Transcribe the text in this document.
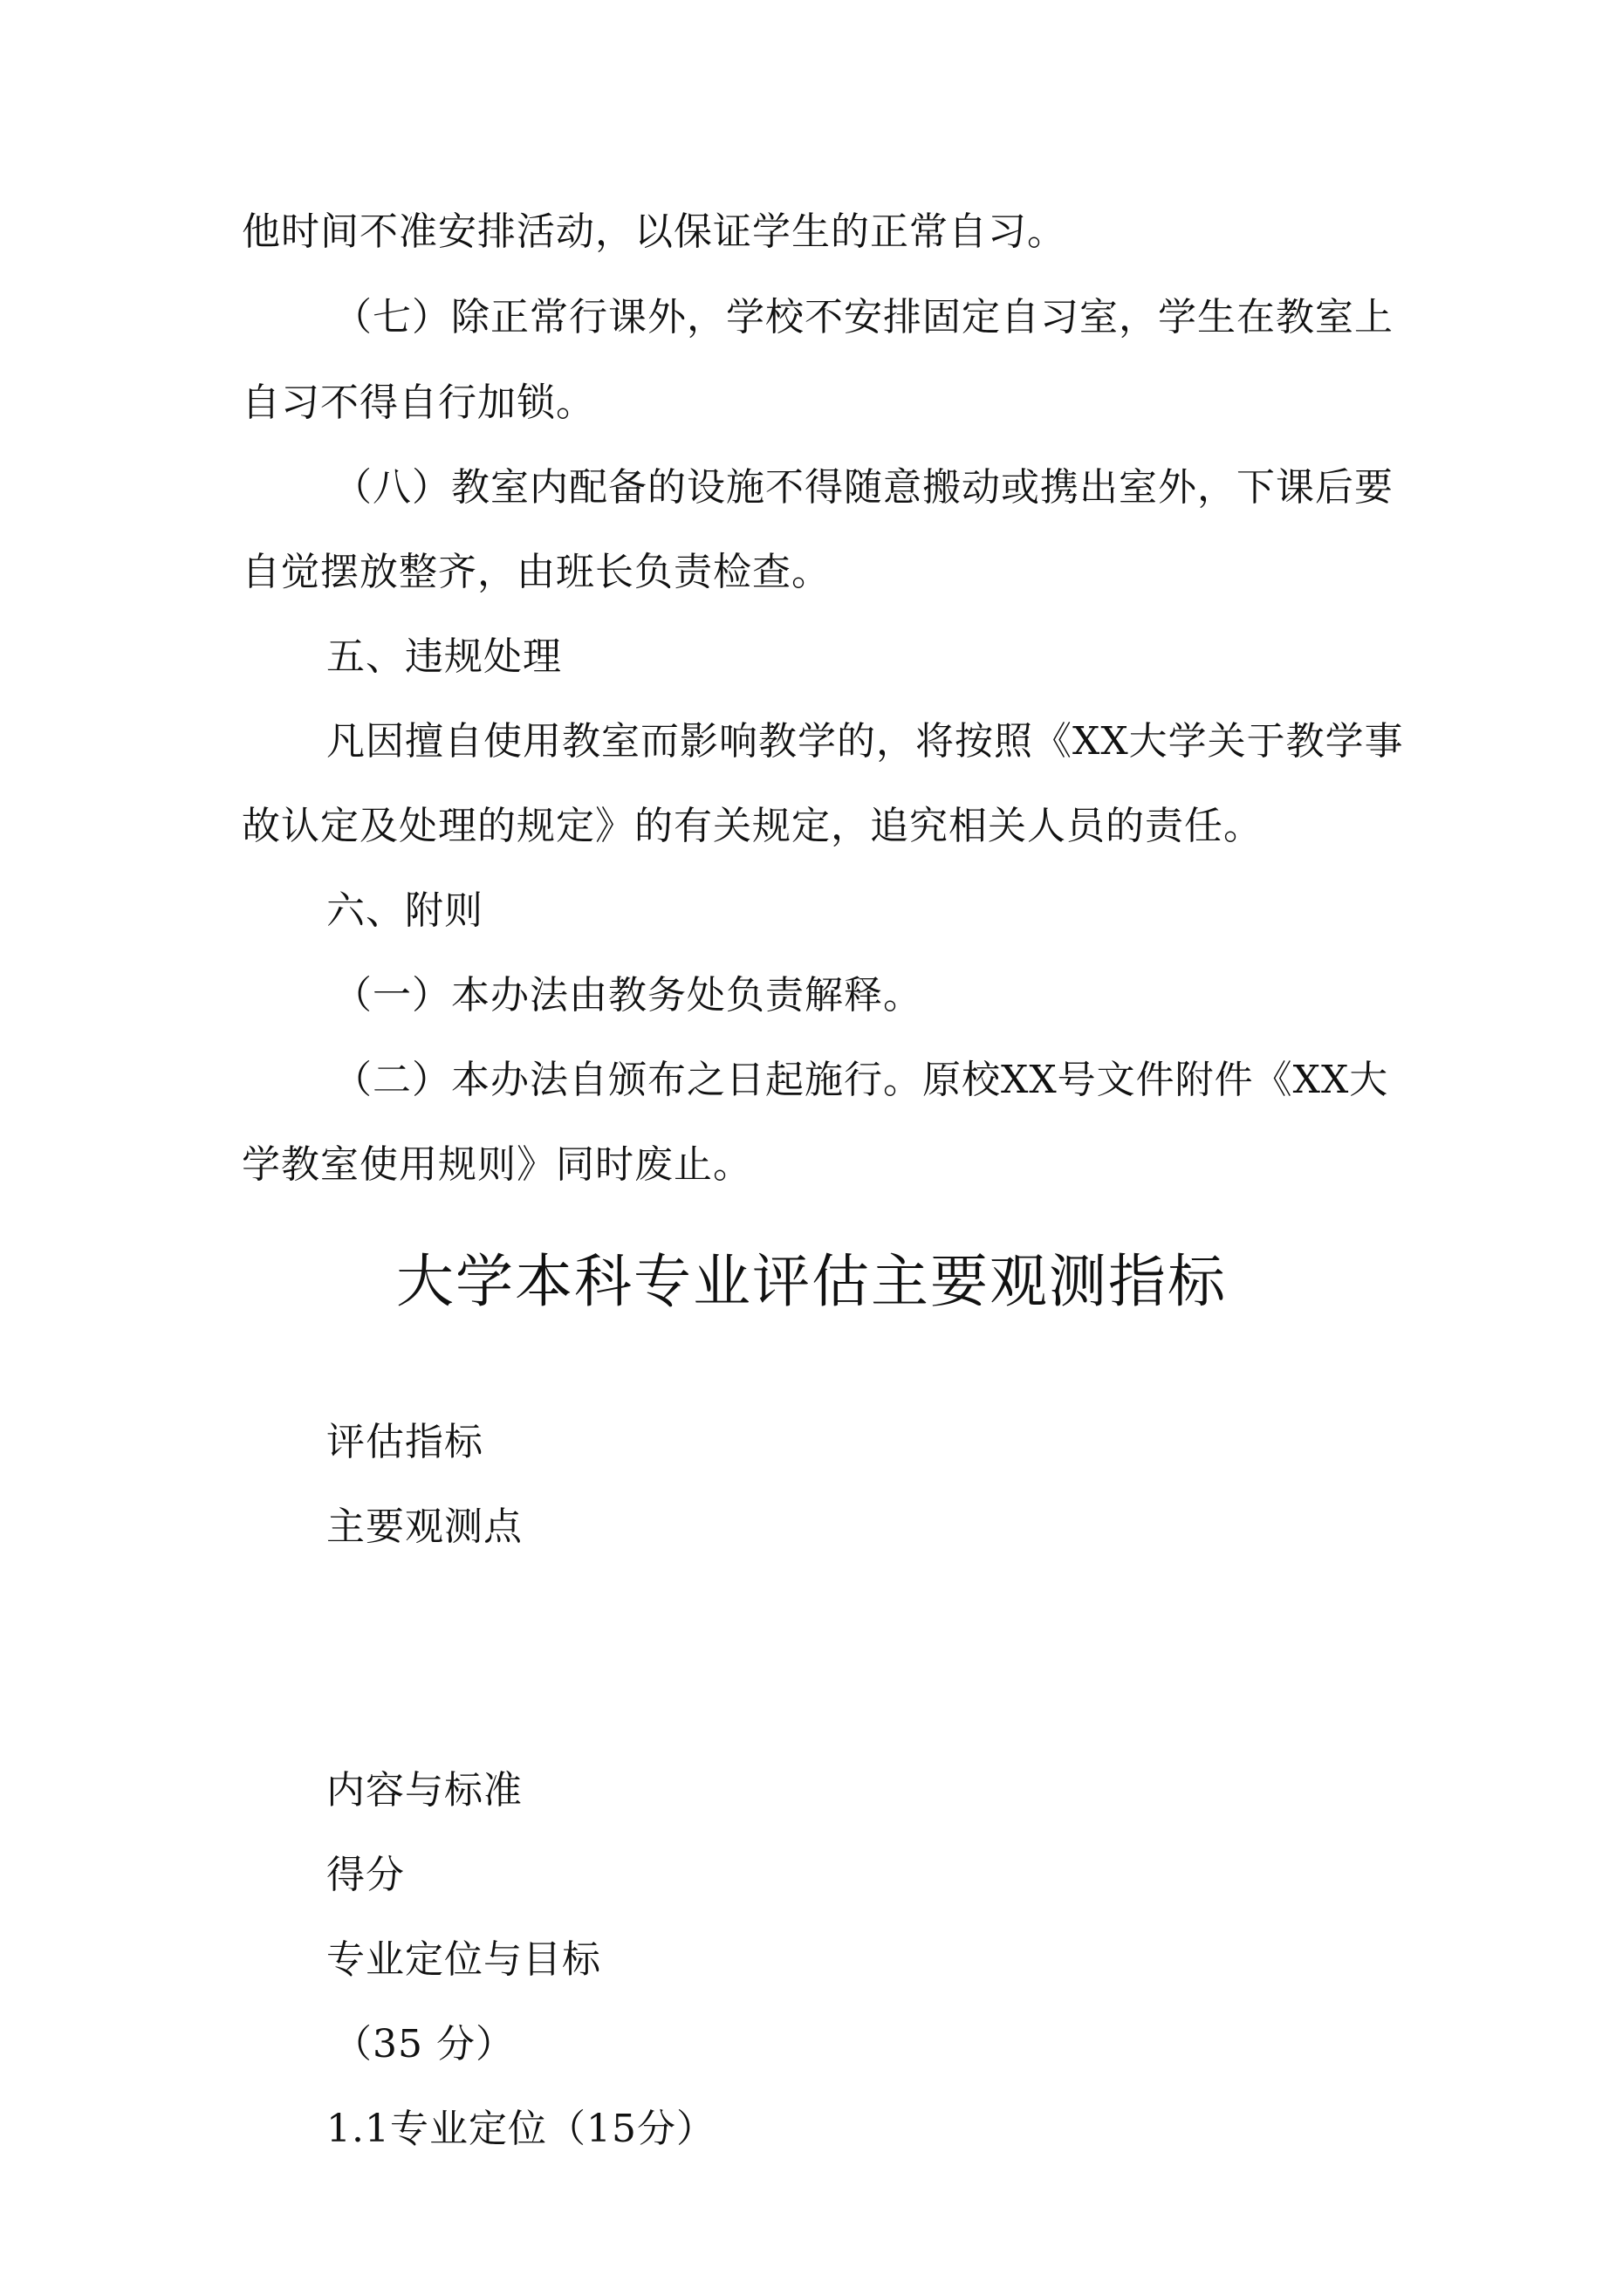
他时间不准安排活动，以保证学生的正常自习。
（七）除正常行课外，学校不安排固定自习室，学生在教室上
自习不得自行加锁。
（八）教室内配备的设施不得随意搬动或携出室外，下课后要
自觉摆放整齐，由班长负责检查。
五、违规处理
凡因擅自使用教室而影响教学的，将按照《XX大学关于教学事
故认定及处理的规定》的有关规定，追究相关人员的责任。
六、附则
（一）本办法由教务处负责解释。
（二）本办法自颁布之日起施行。原校XX号文件附件《XX大
学教室使用规则》同时废止。
大学本科专业评估主要观测指标
评估指标
主要观测点
内容与标准
得分
专业定位与目标
（35 分）
1.1专业定位（15分）
